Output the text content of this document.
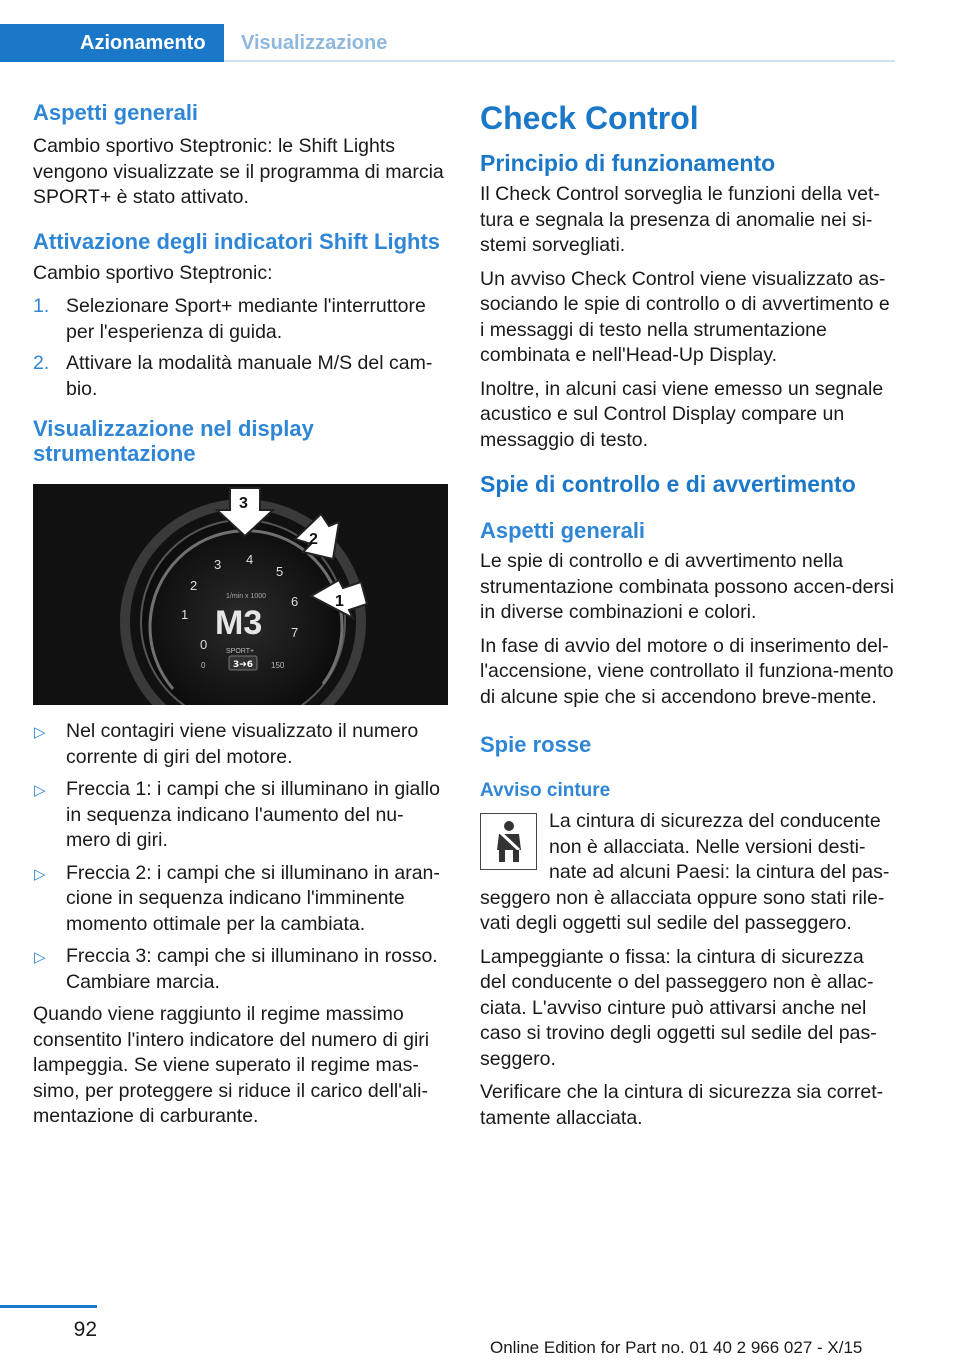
Azionamento	Visualizzazione
Aspetti generali

Cambio sportivo Steptronic: le Shift Lights vengono visualizzate se il programma di marcia SPORT+ è stato attivato.

Attivazione degli indicatori Shift Lights

Cambio sportivo Steptronic:

1. Selezionare Sport+ mediante l'interruttore per l'esperienza di guida.
2. Attivare la modalità manuale M/S del cam-bio.
Visualizzazione nel display strumentazione
0
1
2
3 4
5
6
7
1/min x 1000
M3
SPORT+
3➔6
0	150
3
2
1
▷ Nel contagiri viene visualizzato il numero corrente di giri del motore.
▷ Freccia 1: i campi che si illuminano in giallo in sequenza indicano l'aumento del nu-mero di giri.
▷ Freccia 2: i campi che si illuminano in aran-cione in sequenza indicano l'imminente momento ottimale per la cambiata.
▷ Freccia 3: campi che si illuminano in rosso. Cambiare marcia.

Quando viene raggiunto il regime massimo consentito l'intero indicatore del numero di giri lampeggia. Se viene superato il regime mas-simo, per proteggere si riduce il carico dell'ali-mentazione di carburante.

Check Control
Principio di funzionamento

Il Check Control sorveglia le funzioni della vet-tura e segnala la presenza di anomalie nei si-stemi sorvegliati.

Un avviso Check Control viene visualizzato as-sociando le spie di controllo o di avvertimento e i messaggi di testo nella strumentazione combinata e nell'Head-Up Display.

Inoltre, in alcuni casi viene emesso un segnale acustico e sul Control Display compare un messaggio di testo.

Spie di controllo e di avvertimento
Aspetti generali

Le spie di controllo e di avvertimento nella strumentazione combinata possono accen-dersi in diverse combinazioni e colori.

In fase di avvio del motore o di inserimento del-l'accensione, viene controllato il funziona-mento di alcune spie che si accendono breve-mente.

Spie rosse
Avviso cinture

La cintura di sicurezza del conducente non è allacciata. Nelle versioni desti-nate ad alcuni Paesi: la cintura del pas-seggero non è allacciata oppure sono stati rile-vati degli oggetti sul sedile del passeggero.

Lampeggiante o fissa: la cintura di sicurezza del conducente o del passeggero non è allac-ciata. L'avviso cinture può attivarsi anche nel caso si trovino degli oggetti sul sedile del pas-seggero.

Verificare che la cintura di sicurezza sia corret-tamente allacciata.

92
Online Edition for Part no. 01 40 2 966 027 - X/15
